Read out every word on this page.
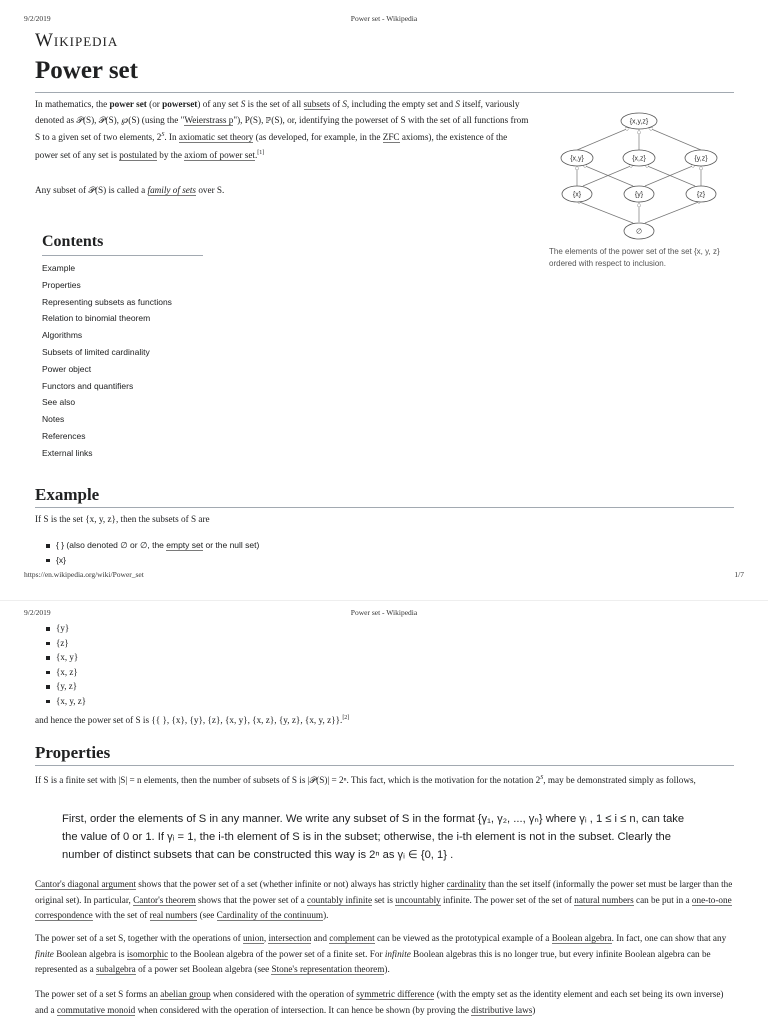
9/2/2019	Power set - Wikipedia
Wikipedia
Power set
In mathematics, the power set (or powerset) of any set S is the set of all subsets of S, including the empty set and S itself, variously denoted as 𝒫(S), 𝒫(S), ℘(S) (using the "Weierstrass p"), P(S), ℙ(S), or, identifying the powerset of S with the set of all functions from S to a given set of two elements, $2^S$. In axiomatic set theory (as developed, for example, in the ZFC axioms), the existence of the power set of any set is postulated by the axiom of power set.[1]
Any subset of 𝒫(S) is called a family of sets over S.
{x,y,z}
{x,y}	{x,z}	{y,z}
{x}	{y}	{z}
∅
The elements of the power set of the set {x, y, z} ordered with respect to inclusion.
Contents
Example
Properties
Representing subsets as functions
Relation to binomial theorem
Algorithms
Subsets of limited cardinality
Power object
Functors and quantifiers
See also
Notes
References
External links
Example
If S is the set {x, y, z}, then the subsets of S are
{ } (also denoted ∅ or ∅, the empty set or the null set)
{x}
https://en.wikipedia.org/wiki/Power_set	1/7
9/2/2019	Power set - Wikipedia
{y}
{z}
{x, y}
{x, z}
{y, z}
{x, y, z}
and hence the power set of S is {{ }, {x}, {y}, {z}, {x, y}, {x, z}, {y, z}, {x, y, z}}.[2]
Properties
If S is a finite set with |S| = n elements, then the number of subsets of S is |𝒫(S)| = 2ⁿ. This fact, which is the motivation for the notation $2^S$, may be demonstrated simply as follows,
First, order the elements of S in any manner. We write any subset of S in the format {γ₁, γ₂, ..., γₙ} where γᵢ , 1 ≤ i ≤ n, can take
the value of 0 or 1. If γᵢ = 1, the i-th element of S is in the subset; otherwise, the i-th element is not in the subset. Clearly the
number of distinct subsets that can be constructed this way is 2ⁿ as γᵢ ∈ {0, 1} .
Cantor's diagonal argument shows that the power set of a set (whether infinite or not) always has strictly higher cardinality than the set itself (informally the power set must be larger than the original set). In particular, Cantor's theorem shows that the power set of a countably infinite set is uncountably infinite. The power set of the set of natural numbers can be put in a one-to-one correspondence with the set of real numbers (see Cardinality of the continuum).
The power set of a set S, together with the operations of union, intersection and complement can be viewed as the prototypical example of a Boolean algebra. In fact, one can show that any finite Boolean algebra is isomorphic to the Boolean algebra of the power set of a finite set. For infinite Boolean algebras this is no longer true, but every infinite Boolean algebra can be represented as a subalgebra of a power set Boolean algebra (see Stone's representation theorem).
The power set of a set S forms an abelian group when considered with the operation of symmetric difference (with the empty set as the identity element and each set being its own inverse) and a commutative monoid when considered with the operation of intersection. It can hence be shown (by proving the distributive laws)
